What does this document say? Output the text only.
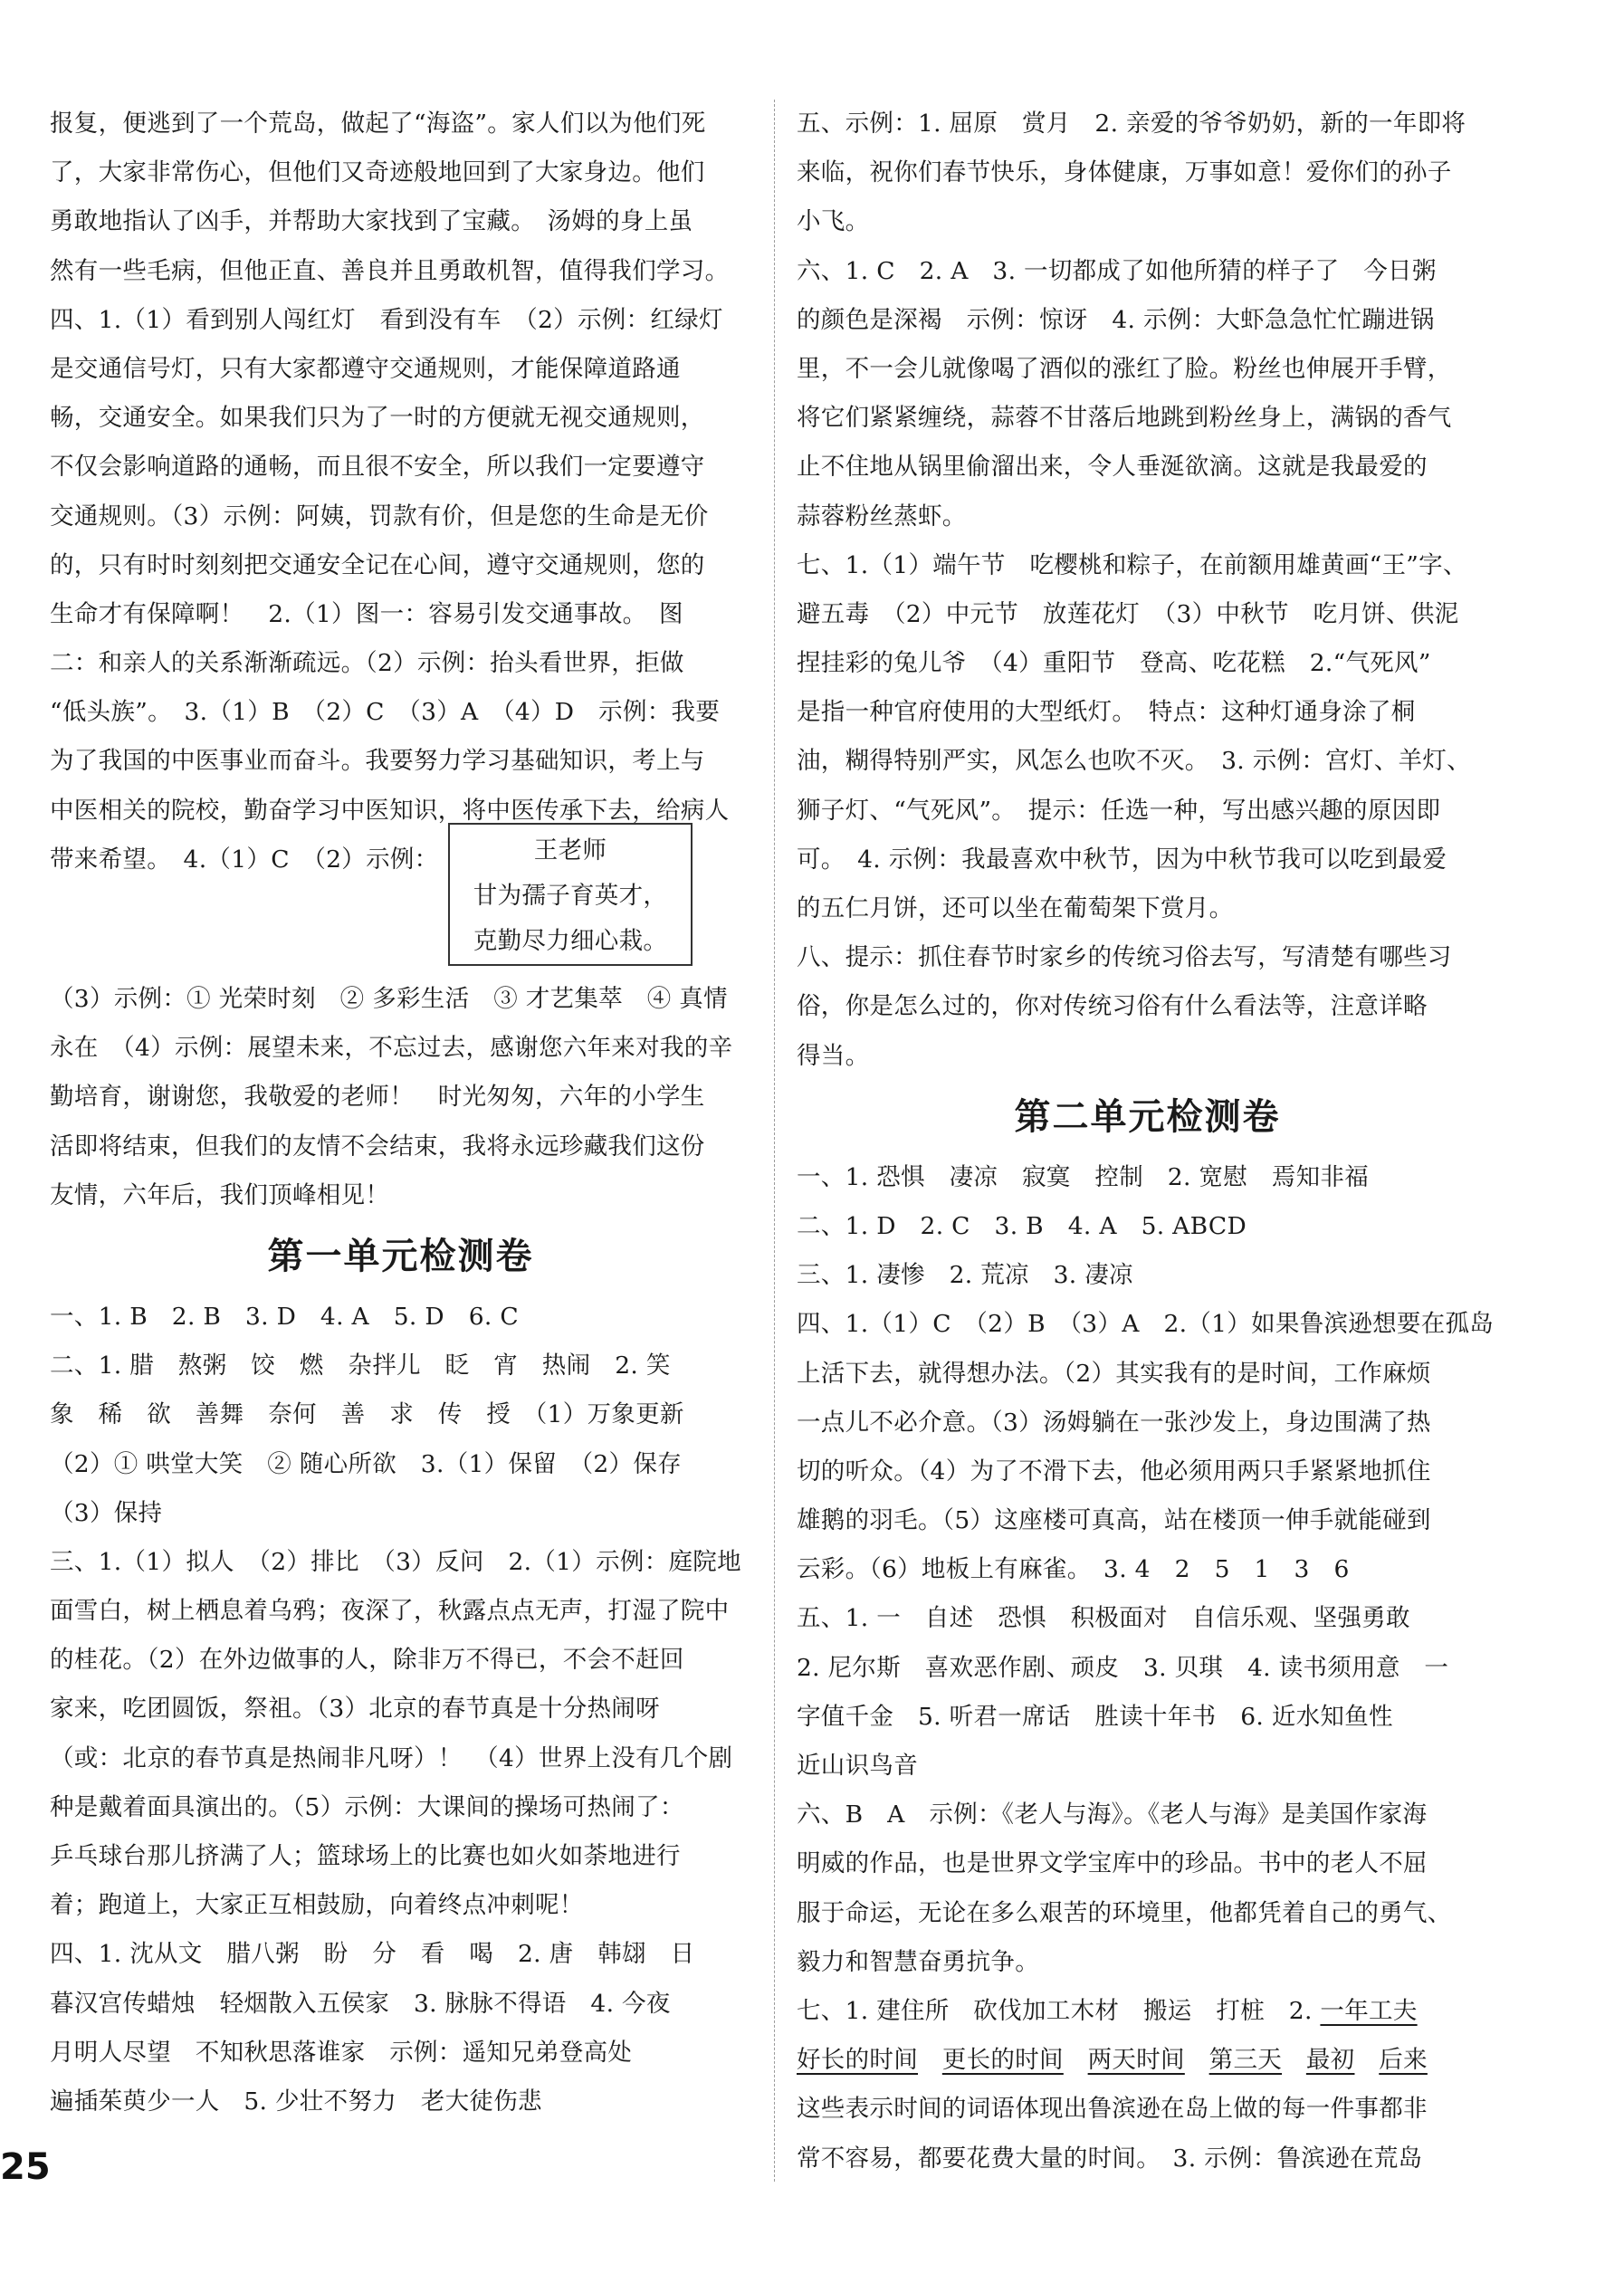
报复，便逃到了一个荒岛，做起了“海盗”。家人们以为他们死
了，大家非常伤心，但他们又奇迹般地回到了大家身边。他们
勇敢地指认了凶手，并帮助大家找到了宝藏。　汤姆的身上虽
然有一些毛病，但他正直、善良并且勇敢机智，值得我们学习。
四、1.（1）看到别人闯红灯　看到没有车　（2）示例：红绿灯
是交通信号灯，只有大家都遵守交通规则，才能保障道路通
畅，交通安全。如果我们只为了一时的方便就无视交通规则，
不仅会影响道路的通畅，而且很不安全，所以我们一定要遵守
交通规则。（3）示例：阿姨，罚款有价，但是您的生命是无价
的，只有时时刻刻把交通安全记在心间，遵守交通规则，您的
生命才有保障啊！　2.（1）图一：容易引发交通事故。　图
二：和亲人的关系渐渐疏远。（2）示例：抬头看世界，拒做
“低头族”。　3.（1）B　（2）C　（3）A　（4）D　示例：我要
为了我国的中医事业而奋斗。我要努力学习基础知识，考上与
中医相关的院校，勤奋学习中医知识，将中医传承下去，给病人
带来希望。　4.（1）C　（2）示例：	王老师
甘为孺子育英才，
克勤尽力细心栽。
（3）示例：① 光荣时刻　② 多彩生活　③ 才艺集萃　④ 真情
永在　（4）示例：展望未来，不忘过去，感谢您六年来对我的辛
勤培育，谢谢您，我敬爱的老师！　时光匆匆，六年的小学生
活即将结束，但我们的友情不会结束，我将永远珍藏我们这份
友情，六年后，我们顶峰相见！
第一单元检测卷
一、1. B　2. B　3. D　4. A　5. D　6. C
二、1. 腊　熬粥　饺　燃　杂拌儿　眨　宵　热闹　2. 笑
象　稀　欲　善舞　奈何　善　求　传　授　（1）万象更新
（2）① 哄堂大笑　② 随心所欲　3.（1）保留　（2）保存
（3）保持
三、1.（1）拟人　（2）排比　（3）反问　2.（1）示例：庭院地
面雪白，树上栖息着乌鸦；夜深了，秋露点点无声，打湿了院中
的桂花。（2）在外边做事的人，除非万不得已，不会不赶回
家来，吃团圆饭，祭祖。（3）北京的春节真是十分热闹呀
（或：北京的春节真是热闹非凡呀）！　（4）世界上没有几个剧
种是戴着面具演出的。（5）示例：大课间的操场可热闹了：
乒乓球台那儿挤满了人；篮球场上的比赛也如火如荼地进行
着；跑道上，大家正互相鼓励，向着终点冲刺呢！
四、1. 沈从文　腊八粥　盼　分　看　喝　2. 唐　韩翃　日
暮汉宫传蜡烛　轻烟散入五侯家　3. 脉脉不得语　4. 今夜
月明人尽望　不知秋思落谁家　示例：遥知兄弟登高处
遍插茱萸少一人　5. 少壮不努力　老大徒伤悲
五、示例：1. 屈原　赏月　2. 亲爱的爷爷奶奶，新的一年即将
来临，祝你们春节快乐，身体健康，万事如意！爱你们的孙子
小飞。
六、1. C　2. A　3. 一切都成了如他所猜的样子了　今日粥
的颜色是深褐　示例：惊讶　4. 示例：大虾急急忙忙蹦进锅
里，不一会儿就像喝了酒似的涨红了脸。粉丝也伸展开手臂，
将它们紧紧缠绕，蒜蓉不甘落后地跳到粉丝身上，满锅的香气
止不住地从锅里偷溜出来，令人垂涎欲滴。这就是我最爱的
蒜蓉粉丝蒸虾。
七、1.（1）端午节　吃樱桃和粽子，在前额用雄黄画“王”字、
避五毒　（2）中元节　放莲花灯　（3）中秋节　吃月饼、供泥
捏挂彩的兔儿爷　（4）重阳节　登高、吃花糕　2.“气死风”
是指一种官府使用的大型纸灯。　特点：这种灯通身涂了桐
油，糊得特别严实，风怎么也吹不灭。　3. 示例：宫灯、羊灯、
狮子灯、“气死风”。　提示：任选一种，写出感兴趣的原因即
可。　4. 示例：我最喜欢中秋节，因为中秋节我可以吃到最爱
的五仁月饼，还可以坐在葡萄架下赏月。
八、提示：抓住春节时家乡的传统习俗去写，写清楚有哪些习
俗，你是怎么过的，你对传统习俗有什么看法等，注意详略
得当。
第二单元检测卷
一、1. 恐惧　凄凉　寂寞　控制　2. 宽慰　焉知非福
二、1. D　2. C　3. B　4. A　5. ABCD
三、1. 凄惨　2. 荒凉　3. 凄凉
四、1.（1）C　（2）B　（3）A　2.（1）如果鲁滨逊想要在孤岛
上活下去，就得想办法。（2）其实我有的是时间，工作麻烦
一点儿不必介意。（3）汤姆躺在一张沙发上，身边围满了热
切的听众。（4）为了不滑下去，他必须用两只手紧紧地抓住
雄鹅的羽毛。（5）这座楼可真高，站在楼顶一伸手就能碰到
云彩。（6）地板上有麻雀。　3. 4　2　5　1　3　6
五、1. 一　自述　恐惧　积极面对　自信乐观、坚强勇敢
2. 尼尔斯　喜欢恶作剧、顽皮　3. 贝琪　4. 读书须用意　一
字值千金　5. 听君一席话　胜读十年书　6. 近水知鱼性
近山识鸟音
六、B　A　示例：《老人与海》。《老人与海》是美国作家海
明威的作品，也是世界文学宝库中的珍品。书中的老人不屈
服于命运，无论在多么艰苦的环境里，他都凭着自己的勇气、
毅力和智慧奋勇抗争。
七、1. 建住所　砍伐加工木材　搬运　打桩　2. 一年工夫
好长的时间　 更长的时间　 两天时间　 第三天　 最初　 后来
这些表示时间的词语体现出鲁滨逊在岛上做的每一件事都非
常不容易，都要花费大量的时间。　3. 示例：鲁滨逊在荒岛
25
